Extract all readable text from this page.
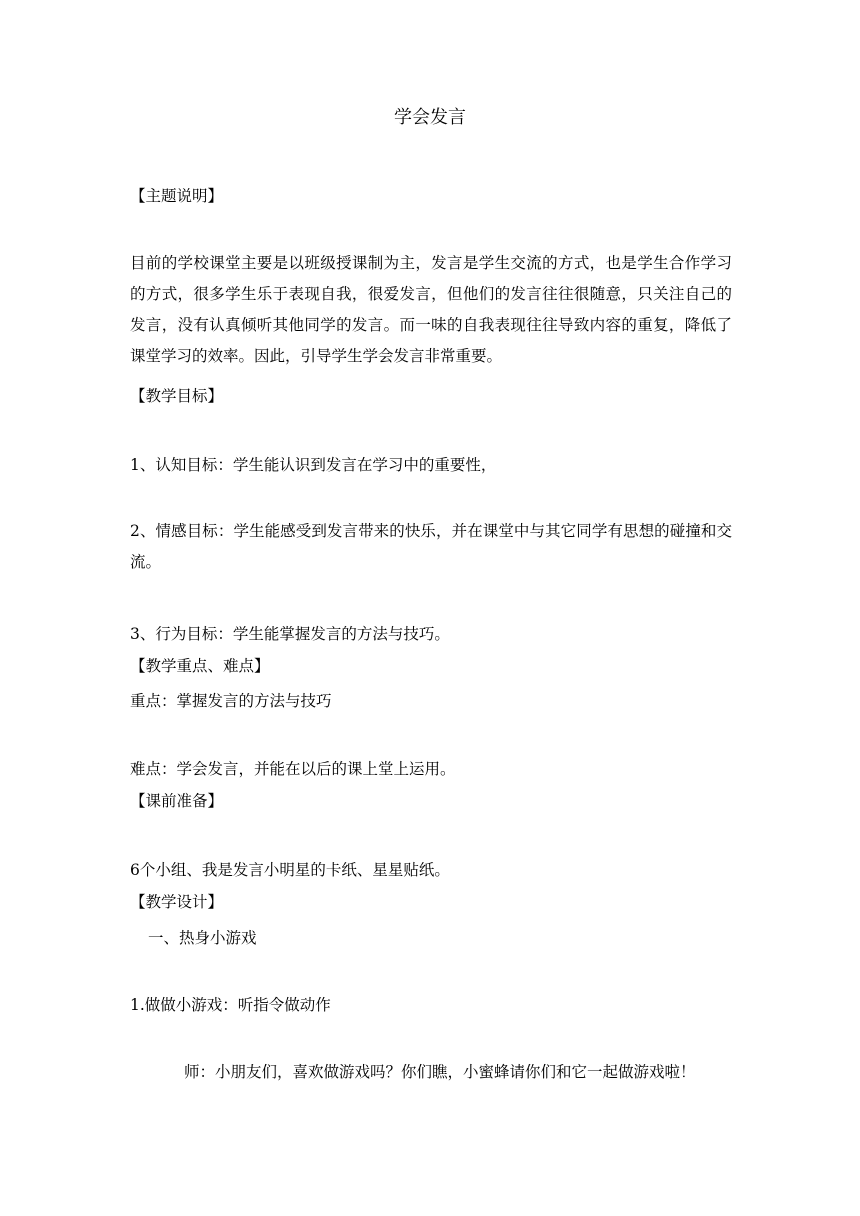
学会发言
【主题说明】
目前的学校课堂主要是以班级授课制为主，发言是学生交流的方式，也是学生合作学习的方式，很多学生乐于表现自我，很爱发言，但他们的发言往往很随意，只关注自己的发言，没有认真倾听其他同学的发言。而一味的自我表现往往导致内容的重复，降低了课堂学习的效率。因此，引导学生学会发言非常重要。
【教学目标】
1、认知目标：学生能认识到发言在学习中的重要性，
2、情感目标：学生能感受到发言带来的快乐，并在课堂中与其它同学有思想的碰撞和交流。
3、行为目标：学生能掌握发言的方法与技巧。
【教学重点、难点】
重点：掌握发言的方法与技巧
难点：学会发言，并能在以后的课上堂上运用。
【课前准备】
6个小组、我是发言小明星的卡纸、星星贴纸。
【教学设计】
一、热身小游戏
1.做做小游戏：听指令做动作
师：小朋友们，喜欢做游戏吗？你们瞧，小蜜蜂请你们和它一起做游戏啦！
